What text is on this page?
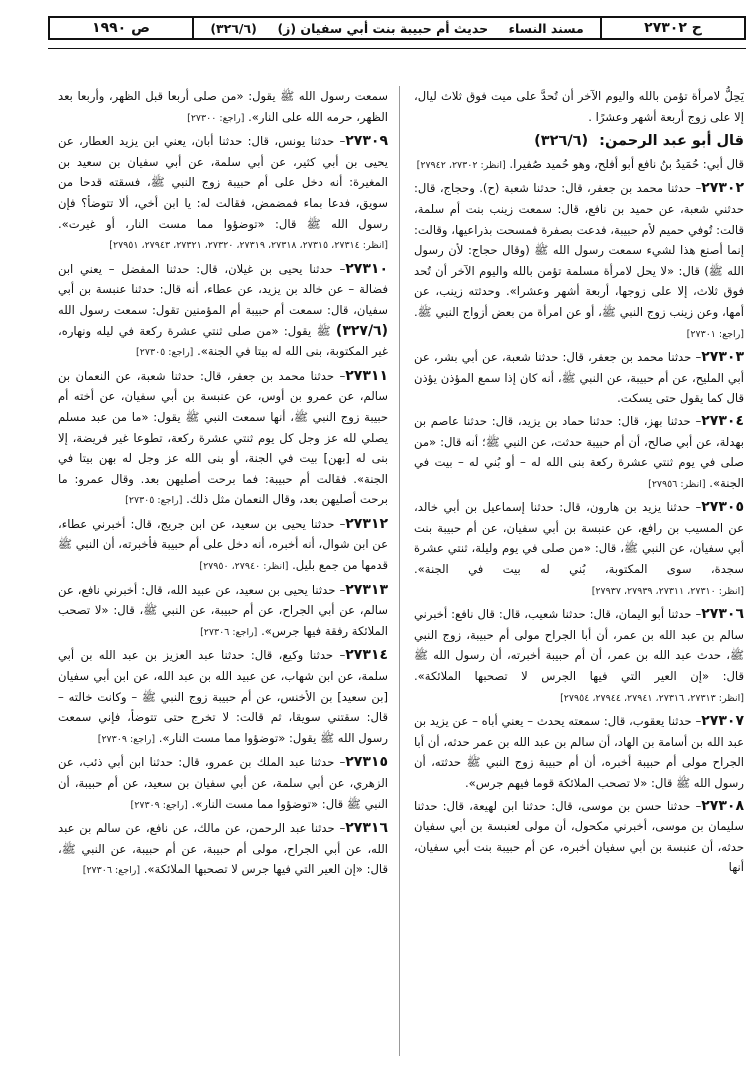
ح ٢٧٣٠٢
مسند النساء
حديث أم حبيبة بنت أبي سفيان (ز)
(٣٢٦/٦)
ص ١٩٩٠

يَحِلُّ لامرأة تؤمن بالله واليوم الآخر أن تُحدَّ على ميت فوق ثلاث ليال، إلا على زوج أربعة أشهر وعشرًا .

قال أبو عبد الرحمن: (٣٢٦/٦)

قال أبي: حُمَيدُ بنُ نافع أبو أفلح، وهو حُميد صُفيرا. [انظر: ٢٧٣٠٢، ٢٧٩٤٢]

٢٧٣٠٢– حدثنا محمد بن جعفر، قال: حدثنا شعبة (ح). وحجاج، قال: حدثني شعبة، عن حميد بن نافع، قال: سمعت زينب بنت أم سلمة، قالت: تُوفي حميم لأم حبيبة، فدعت بصفرة فمسحت بذراعيها، وقالت: إنما أصنع هذا لشيء سمعت رسول الله ﷺ (وقال حجاج: لأن رسول الله ﷺ) قال: «لا يحل لامرأة مسلمة تؤمن بالله واليوم الآخر أن تُحد فوق ثلاث، إلا على زوجها، أربعة أشهر وعشرا». وحدثته زينب، عن أمها، وعن زينب زوج النبي ﷺ، أو عن امرأة من بعض أزواج النبي ﷺ. [راجع: ٢٧٣٠١]

٢٧٣٠٣– حدثنا محمد بن جعفر، قال: حدثنا شعبة، عن أبي بشر، عن أبي المليح، عن أم حبيبة، عن النبي ﷺ، أنه كان إذا سمع المؤذن يؤذن قال كما يقول حتى يسكت.

٢٧٣٠٤– حدثنا بهز، قال: حدثنا حماد بن يزيد، قال: حدثنا عاصم بن بهدلة، عن أبي صالح، أن أم حبيبة حدثت، عن النبي ﷺ؛ أنه قال: «من صلى في يوم ثنتي عشرة ركعة بنى الله له – أو بُني له – بيت في الجنة». [انظر: ٢٧٩٥٦]

٢٧٣٠٥– حدثنا يزيد بن هارون، قال: حدثنا إسماعيل بن أبي خالد، عن المسيب بن رافع، عن عنبسة بن أبي سفيان، عن أم حبيبة بنت أبي سفيان، عن النبي ﷺ، قال: «من صلى في يوم وليلة، ثنتي عشرة سجدة، سوى المكتوبة، بُني له بيت في الجنة». [انظر: ٢٧٣١٠، ٢٧٣١١، ٢٧٩٣٩، ٢٧٩٣٧]

٢٧٣٠٦– حدثنا أبو اليمان، قال: حدثنا شعيب، قال: قال نافع: أخبرني سالم بن عبد الله بن عمر، أن أبا الجراح مولى أم حبيبة، زوج النبي ﷺ، حدث عبد الله بن عمر، أن أم حبيبة أخبرته، أن رسول الله ﷺ قال: «إن العير التي فيها الجرس لا تصحبها الملائكة». [انظر: ٢٧٣١٣، ٢٧٣١٦، ٢٧٩٤١، ٢٧٩٤٤، ٢٧٩٥٤]

٢٧٣٠٧– حدثنا يعقوب، قال: سمعته يحدث – يعني أباه – عن يزيد بن عبد الله بن أسامة بن الهاد، أن سالم بن عبد الله بن عمر حدثه، أن أبا الجراح مولى أم حبيبة أخبره، أن أم حبيبة زوج النبي ﷺ حدثته، أن رسول الله ﷺ قال: «لا تصحب الملائكة قوما فيهم جرس».

٢٧٣٠٨– حدثنا حسن بن موسى، قال: حدثنا ابن لهيعة، قال: حدثنا سليمان بن موسى، أخبرني مكحول، أن مولى لعنبسة بن أبي سفيان حدثه، أن عنبسة بن أبي سفيان أخبره، عن أم حبيبة بنت أبي سفيان، أنها

سمعت رسول الله ﷺ يقول: «من صلى أربعا قبل الظهر، وأربعا بعد الظهر، حرمه الله على النار». [راجع: ٢٧٣٠٠]

٢٧٣٠٩– حدثنا يونس، قال: حدثنا أبان، يعني ابن يزيد العطار، عن يحيى بن أبي كثير، عن أبي سلمة، عن أبي سفيان بن سعيد بن المغيرة: أنه دخل على أم حبيبة زوج النبي ﷺ، فسقته قدحا من سويق، فدعا بماء فمضمض، فقالت له: يا ابن أخي، ألا تتوضأ؟ فإن رسول الله ﷺ قال: «توضؤوا مما مست النار، أو غيرت». [انظر: ٢٧٣١٤، ٢٧٣١٥، ٢٧٣١٨، ٢٧٣١٩، ٢٧٣٢٠، ٢٧٣٢١، ٢٧٩٤٣، ٢٧٩٥١]

٢٧٣١٠– حدثنا يحيى بن غيلان، قال: حدثنا المفضل – يعني ابن فضالة – عن خالد بن يزيد، عن عطاء، أنه قال: حدثنا عنبسة بن أبي سفيان، قال: سمعت أم حبيبة أم المؤمنين تقول: سمعت رسول الله (٣٢٧/٦) ﷺ يقول: «من صلى ثنتي عشرة ركعة في ليله ونهاره، غير المكتوبة، بنى الله له بيتا في الجنة». [راجع: ٢٧٣٠٥]

٢٧٣١١– حدثنا محمد بن جعفر، قال: حدثنا شعبة، عن النعمان بن سالم، عن عمرو بن أوس، عن عنبسة بن أبي سفيان، عن أخته أم حبيبة زوج النبي ﷺ، أنها سمعت النبي ﷺ يقول: «ما من عبد مسلم يصلي لله عز وجل كل يوم ثنتي عشرة ركعة، تطوعا غير فريضة، إلا بنى له [بهن] بيت في الجنة، أو بنى الله عز وجل له بهن بيتا في الجنة». فقالت أم حبيبة: فما برحت أصليهن بعد. وقال عمرو: ما برحت أصليهن بعد، وقال النعمان مثل ذلك. [راجع: ٢٧٣٠٥]

٢٧٣١٢– حدثنا يحيى بن سعيد، عن ابن جريج، قال: أخبرني عطاء، عن ابن شوال، أنه أخبره، أنه دخل على أم حبيبة فأخبرته، أن النبي ﷺ قدمها من جمع بليل. [انظر: ٢٧٩٤٠، ٢٧٩٥٠]

٢٧٣١٣– حدثنا يحيى بن سعيد، عن عبيد الله، قال: أخبرني نافع، عن سالم، عن أبي الجراح، عن أم حبيبة، عن النبي ﷺ، قال: «لا تصحب الملائكة رفقة فيها جرس». [راجع: ٢٧٣٠٦]

٢٧٣١٤– حدثنا وكيع، قال: حدثنا عبد العزيز بن عبد الله بن أبي سلمة، عن ابن شهاب، عن عبيد الله بن عبد الله، عن ابن أبي سفيان [بن سعيد] بن الأخنس، عن أم حبيبة زوج النبي ﷺ – وكانت خالته – قال: سقتني سويقا، ثم قالت: لا تخرج حتى تتوضأ، فإني سمعت رسول الله ﷺ يقول: «توضؤوا مما مست النار». [راجع: ٢٧٣٠٩]

٢٧٣١٥– حدثنا عبد الملك بن عمرو، قال: حدثنا ابن أبي ذئب، عن الزهري، عن أبي سلمة، عن أبي سفيان بن سعيد، عن أم حبيبة، أن النبي ﷺ قال: «توضؤوا مما مست النار». [راجع: ٢٧٣٠٩]

٢٧٣١٦– حدثنا عبد الرحمن، عن مالك، عن نافع، عن سالم بن عبد الله، عن أبي الجراح، مولى أم حبيبة، عن أم حبيبة، عن النبي ﷺ، قال: «إن العير التي فيها جرس لا تصحبها الملائكة». [راجع: ٢٧٣٠٦]
